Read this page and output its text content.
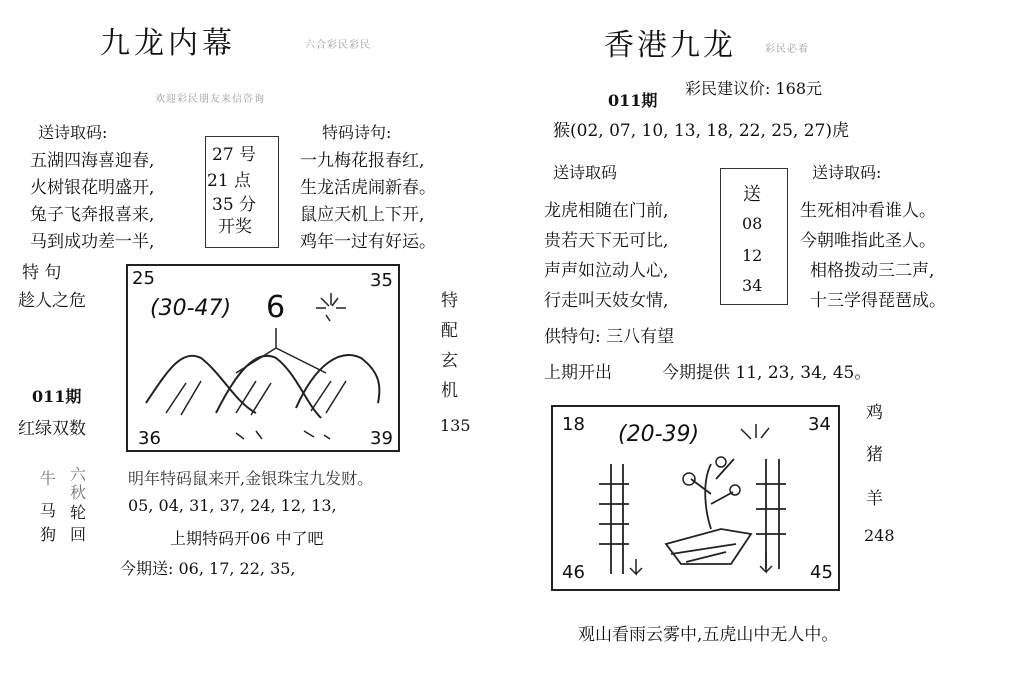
九龙内幕	六合彩民彩民
欢迎彩民朋友来信咨询
送诗取码:
五湖四海喜迎春,
火树银花明盛开,
兔子飞奔报喜来,
马到成功差一半,
27 号
21 点
35 分
开奖
特码诗句:
一九梅花报春红,
生龙活虎闹新春。
鼠应天机上下开,
鸡年一过有好运。
特 句
趁人之危
011期
红绿双数
特
配
玄
机
135
25	35
36	39
(30-47) 6
牛
马
狗
六
秋
轮
回
明年特码鼠来开,金银珠宝九发财。
05, 04, 31, 37, 24, 12, 13,
上期特码开06 中了吧
今期送: 06, 17, 22, 35,
香港九龙	彩民必看
011期
彩民建议价: 168元
猴(02, 07, 10, 13, 18, 22, 25, 27)虎
送诗取码
龙虎相随在门前,
贵若天下无可比,
声声如泣动人心,
行走叫天妓女情,
送
08
12
34
送诗取码:
生死相冲看谁人。
今朝唯指此圣人。
相格拨动三二声,
十三学得琵琶成。
供特句: 三八有望
上期开出	今期提供 11, 23, 34, 45。
18	34
46	45
(20-39)
鸡
猪
羊
248
观山看雨云雾中,五虎山中无人中。
